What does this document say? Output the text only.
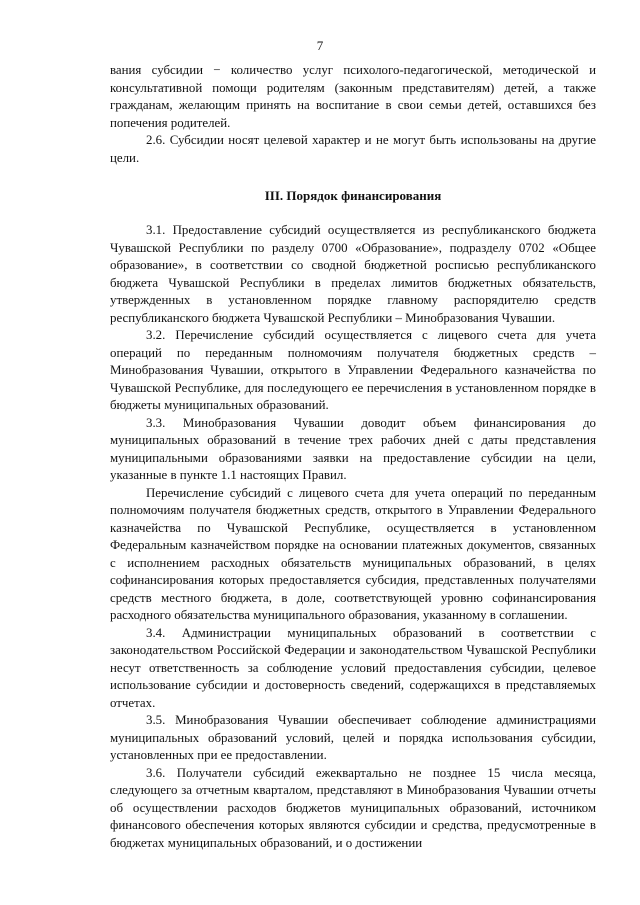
7

вания субсидии − количество услуг психолого-педагогической, методической и консультативной помощи родителям (законным представителям) детей, а также гражданам, желающим принять на воспитание в свои семьи детей, оставшихся без попечения родителей.

2.6. Субсидии носят целевой характер и не могут быть использованы на другие цели.

III. Порядок финансирования

3.1. Предоставление субсидий осуществляется из республиканского бюджета Чувашской Республики по разделу 0700 «Образование», подразделу 0702 «Общее образование», в соответствии со сводной бюджетной росписью республиканского бюджета Чувашской Республики в пределах лимитов бюджетных обязательств, утвержденных в установленном порядке главному распорядителю средств республиканского бюджета Чувашской Республики – Минобразования Чувашии.

3.2. Перечисление субсидий осуществляется с лицевого счета для учета операций по переданным полномочиям получателя бюджетных средств – Минобразования Чувашии, открытого в Управлении Федерального казначейства по Чувашской Республике, для последующего ее перечисления в установленном порядке в бюджеты муниципальных образований.

3.3. Минобразования Чувашии доводит объем финансирования до муниципальных образований в течение трех рабочих дней с даты представления муниципальными образованиями заявки на предоставление субсидии на цели, указанные в пункте 1.1 настоящих Правил.

Перечисление субсидий с лицевого счета для учета операций по переданным полномочиям получателя бюджетных средств, открытого в Управлении Федерального казначейства по Чувашской Республике, осуществляется в установленном Федеральным казначейством порядке на основании платежных документов, связанных с исполнением расходных обязательств муниципальных образований, в целях софинансирования которых предоставляется субсидия, представленных получателями средств местного бюджета, в доле, соответствующей уровню софинансирования расходного обязательства муниципального образования, указанному в соглашении.

3.4. Администрации муниципальных образований в соответствии с законодательством Российской Федерации и законодательством Чувашской Республики несут ответственность за соблюдение условий предоставления субсидии, целевое использование субсидии и достоверность сведений, содержащихся в представляемых отчетах.

3.5. Минобразования Чувашии обеспечивает соблюдение администрациями муниципальных образований условий, целей и порядка использования субсидии, установленных при ее предоставлении.

3.6. Получатели субсидий ежеквартально не позднее 15 числа месяца, следующего за отчетным кварталом, представляют в Минобразования Чувашии отчеты об осуществлении расходов бюджетов муниципальных образований, источником финансового обеспечения которых являются субсидии и средства, предусмотренные в бюджетах муниципальных образований, и о достижении
